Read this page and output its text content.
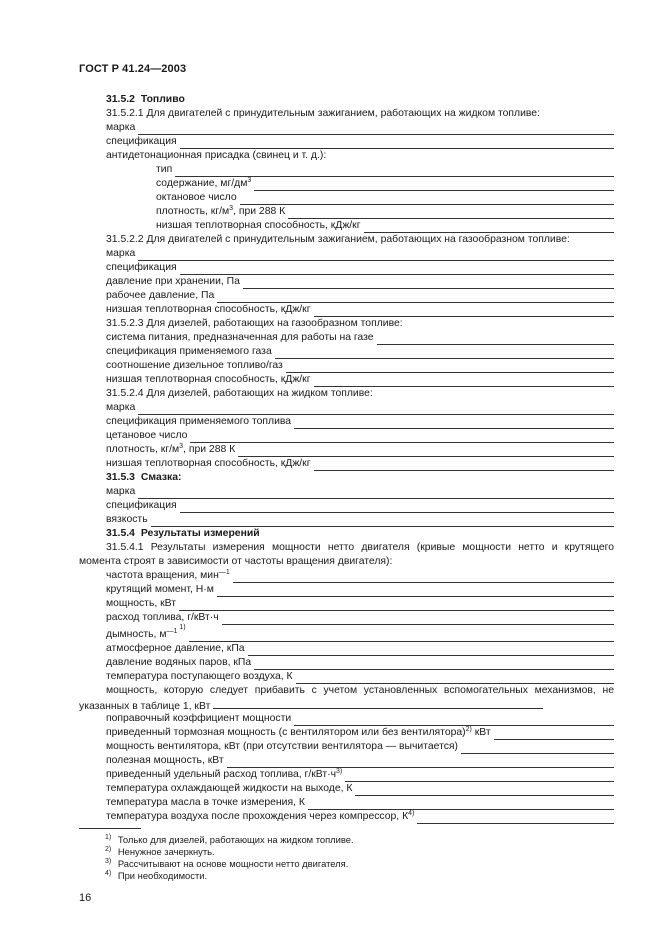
ГОСТ Р 41.24—2003
31.5.2 Топливо
31.5.2.1 Для двигателей с принудительным зажиганием, работающих на жидком топливе:
марка
спецификация
антидетонационная присадка (свинец и т. д.):
тип
содержание, $мг/дм^3$
октановое число
плотность, $кг/м^3$, при 288 К
низшая теплотворная способность, кДж/кг
31.5.2.2 Для двигателей с принудительным зажиганием, работающих на газообразном топливе:
марка
спецификация
давление при хранении, Па
рабочее давление, Па
низшая теплотворная способность, кДж/кг
31.5.2.3 Для дизелей, работающих на газообразном топливе:
система питания, предназначенная для работы на газе
спецификация применяемого газа
соотношение дизельное топливо/газ
низшая теплотворная способность, кДж/кг
31.5.2.4 Для дизелей, работающих на жидком топливе:
марка
спецификация применяемого топлива
цетановое число
плотность, $кг/м^3$, при 288 К
низшая теплотворная способность, кДж/кг
31.5.3 Смазка:
марка
спецификация
вязкость
31.5.4 Результаты измерений
31.5.4.1 Результаты измерения мощности нетто двигателя (кривые мощности нетто и крутящего момента строят в зависимости от частоты вращения двигателя):
частота вращения, мин$^{—1}$
крутящий момент, Н·м
мощность, кВт
расход топлива, г/кВт·ч
дымность, $м^{—11)}$
атмосферное давление, кПа
давление водяных паров, кПа
температура поступающего воздуха, К
мощность, которую следует прибавить с учетом установленных вспомогательных механизмов, не указанных в таблице 1, кВт
поправочный коэффициент мощности
приведенный тормозная мощность (с вентилятором или без вентилятора)$^{2)}$ кВт
мощность вентилятора, кВт (при отсутствии вентилятора — вычитается)
полезная мощность, кВт
приведенный удельный расход топлива, $г/кВт\cdot ч^{3)}$
температура охлаждающей жидкости на выходе, К
температура масла в точке измерения, К
температура воздуха после прохождения через компрессор, $К^{4)}$
$^{1)}$ Только для дизелей, работающих на жидком топливе.
$^{2)}$ Ненужное зачеркнуть.
$^{3)}$ Рассчитывают на основе мощности нетто двигателя.
$^{4)}$ При необходимости.
16
